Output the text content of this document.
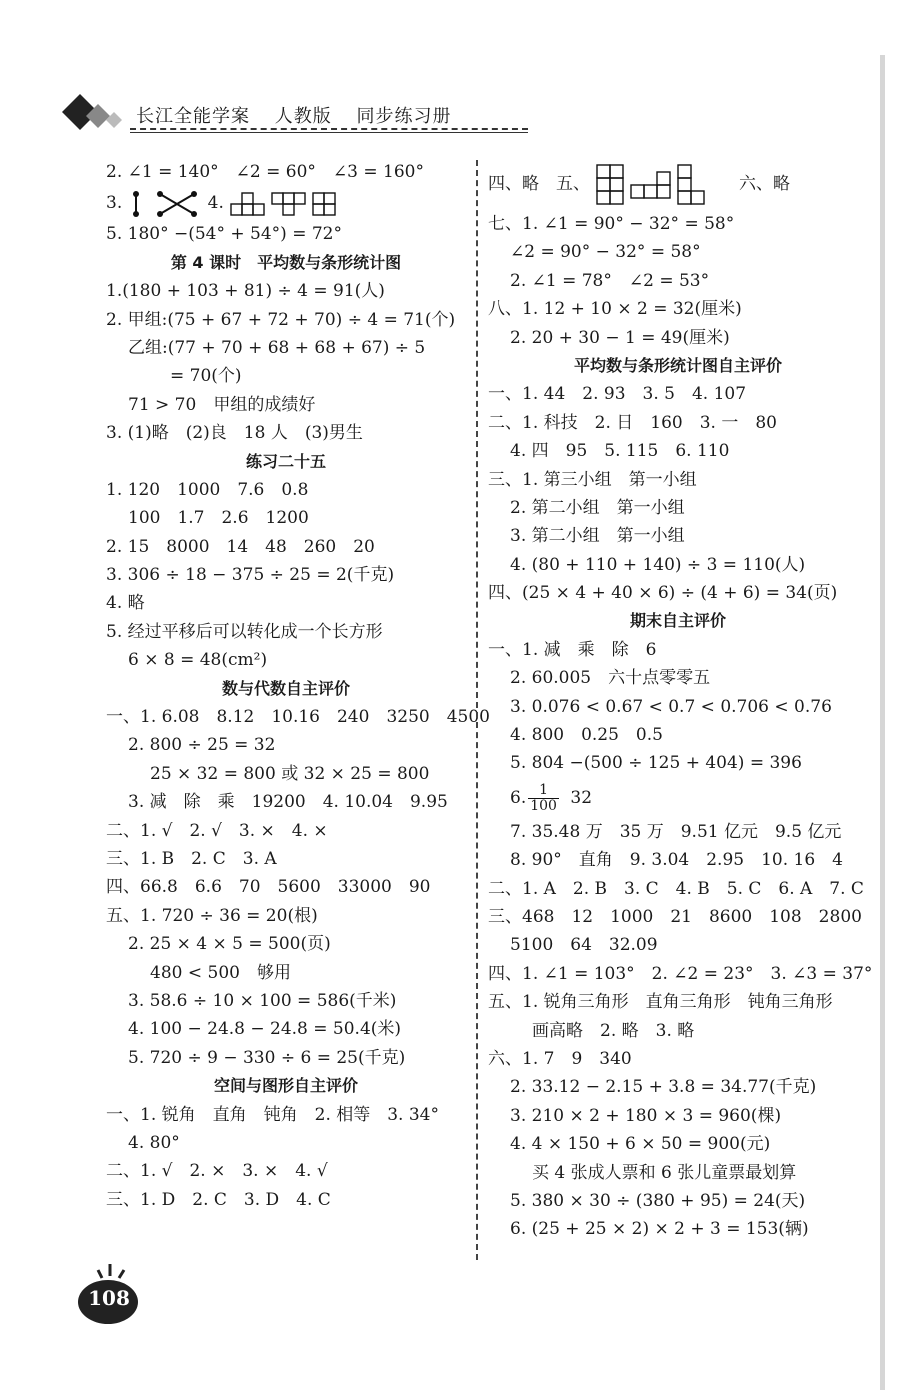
长江全能学案 人教版 同步练习册
2. ∠1 = 140°　∠2 = 60°　∠3 = 160°
3.	4.
5. 180° −(54° + 54°) = 72°
第 4 课时　平均数与条形统计图
1.(180 + 103 + 81) ÷ 4 = 91(人)
2. 甲组:(75 + 67 + 72 + 70) ÷ 4 = 71(个)
乙组:(77 + 70 + 68 + 68 + 67) ÷ 5
= 70(个)
71 > 70　甲组的成绩好
3. (1)略　(2)良　18 人　(3)男生
练习二十五
1. 120　1000　7.6　0.8
100　1.7　2.6　1200
2. 15　8000　14　48　260　20
3. 306 ÷ 18 − 375 ÷ 25 = 2(千克)
4. 略
5. 经过平移后可以转化成一个长方形
6 × 8 = 48(cm²)
数与代数自主评价
一、1. 6.08　8.12　10.16　240　3250　4500
2. 800 ÷ 25 = 32
25 × 32 = 800 或 32 × 25 = 800
3. 减　除　乘　19200　4. 10.04　9.95
二、1. √　2. √　3. ×　4. ×
三、1. B　2. C　3. A
四、66.8　6.6　70　5600　33000　90
五、1. 720 ÷ 36 = 20(根)
2. 25 × 4 × 5 = 500(页)
480 < 500　够用
3. 58.6 ÷ 10 × 100 = 586(千米)
4. 100 − 24.8 − 24.8 = 50.4(米)
5. 720 ÷ 9 − 330 ÷ 6 = 25(千克)
空间与图形自主评价
一、1. 锐角　直角　钝角　2. 相等　3. 34°
4. 80°
二、1. √　2. ×　3. ×　4. √
三、1. D　2. C　3. D　4. C
四、略　五、	　　六、略
七、1. ∠1 = 90° − 32° = 58°
∠2 = 90° − 32° = 58°
2. ∠1 = 78°　∠2 = 53°
八、1. 12 + 10 × 2 = 32(厘米)
2. 20 + 30 − 1 = 49(厘米)
平均数与条形统计图自主评价
一、1. 44　2. 93　3. 5　4. 107
二、1. 科技　2. 日　160　3. 一　80
4. 四　95　5. 115　6. 110
三、1. 第三小组　第一小组
2. 第二小组　第一小组
3. 第二小组　第一小组
4. (80 + 110 + 140) ÷ 3 = 110(人)
四、(25 × 4 + 40 × 6) ÷ (4 + 6) = 34(页)
期末自主评价
一、1. 减　乘　除　6
2. 60.005　六十点零零五
3. 0.076 < 0.67 < 0.7 < 0.706 < 0.76
4. 800　0.25　0.5
5. 804 −(500 ÷ 125 + 404) = 396
6. $\frac{1}{100} 32$
7. 35.48 万　35 万　9.51 亿元　9.5 亿元
8. 90°　直角　9. 3.04　2.95　10. 16　4
二、1. A　2. B　3. C　4. B　5. C　6. A　7. C
三、468　12　1000　21　8600　108　2800
5100　64　32.09
四、1. ∠1 = 103°　2. ∠2 = 23°　3. ∠3 = 37°
五、1. 锐角三角形　直角三角形　钝角三角形
画高略　2. 略　3. 略
六、1. 7　9　340
2. 33.12 − 2.15 + 3.8 = 34.77(千克)
3. 210 × 2 + 180 × 3 = 960(棵)
4. 4 × 150 + 6 × 50 = 900(元)
买 4 张成人票和 6 张儿童票最划算
5. 380 × 30 ÷ (380 + 95) = 24(天)
6. (25 + 25 × 2) × 2 + 3 = 153(辆)
108
